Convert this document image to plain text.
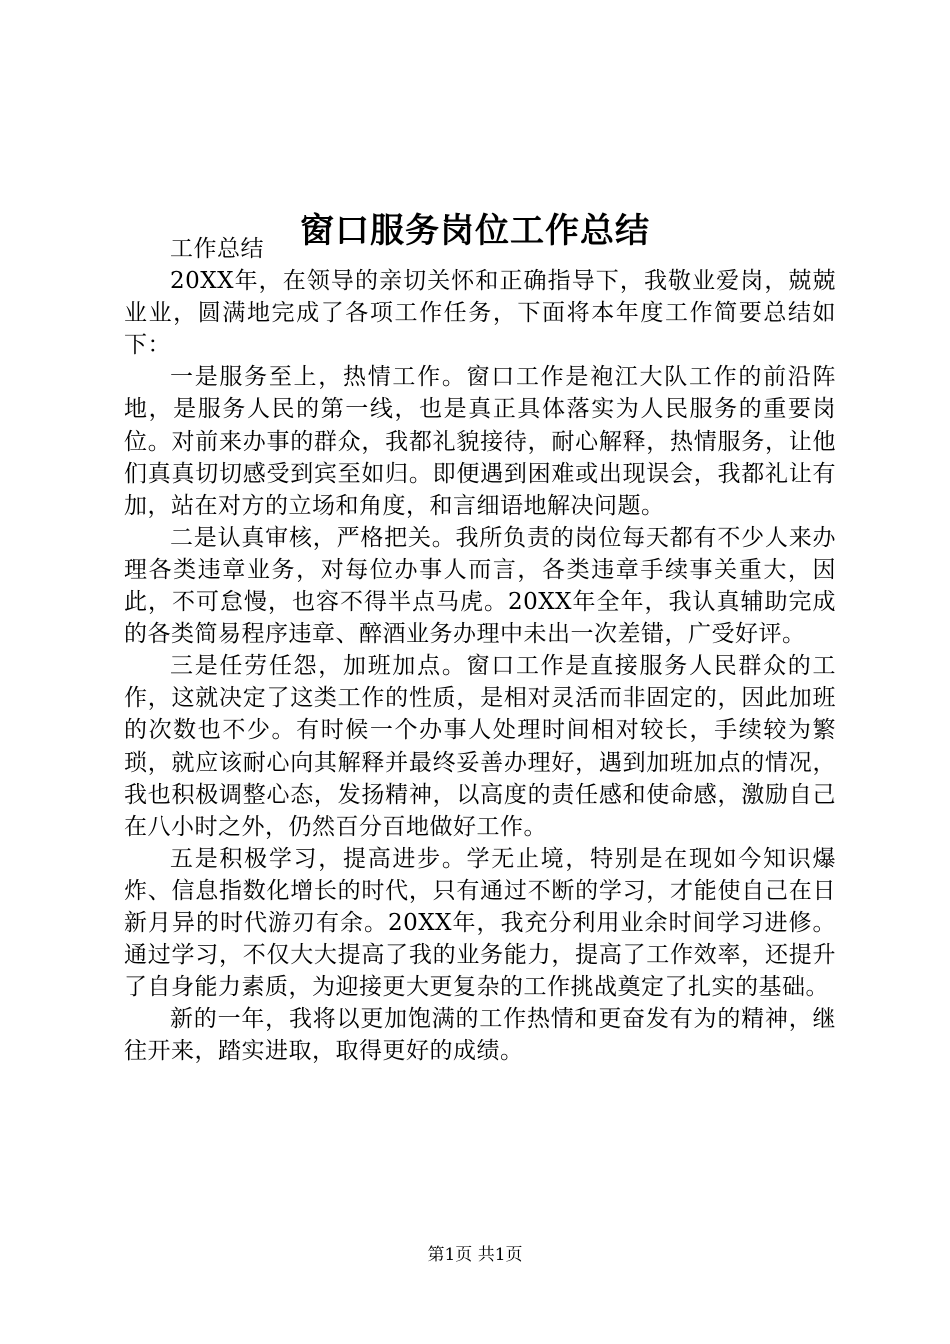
窗口服务岗位工作总结

工作总结

20XX年，在领导的亲切关怀和正确指导下，我敬业爱岗，兢兢业业，圆满地完成了各项工作任务，下面将本年度工作简要总结如下：

一是服务至上，热情工作。窗口工作是袍江大队工作的前沿阵地，是服务人民的第一线，也是真正具体落实为人民服务的重要岗位。对前来办事的群众，我都礼貌接待，耐心解释，热情服务，让他们真真切切感受到宾至如归。即便遇到困难或出现误会，我都礼让有加，站在对方的立场和角度，和言细语地解决问题。

二是认真审核，严格把关。我所负责的岗位每天都有不少人来办理各类违章业务，对每位办事人而言，各类违章手续事关重大，因此，不可怠慢，也容不得半点马虎。20XX年全年，我认真辅助完成的各类简易程序违章、醉酒业务办理中未出一次差错，广受好评。

三是任劳任怨，加班加点。窗口工作是直接服务人民群众的工作，这就决定了这类工作的性质，是相对灵活而非固定的，因此加班的次数也不少。有时候一个办事人处理时间相对较长，手续较为繁琐，就应该耐心向其解释并最终妥善办理好，遇到加班加点的情况，我也积极调整心态，发扬精神，以高度的责任感和使命感，激励自己在八小时之外，仍然百分百地做好工作。

五是积极学习，提高进步。学无止境，特别是在现如今知识爆炸、信息指数化增长的时代，只有通过不断的学习，才能使自己在日新月异的时代游刃有余。20XX年，我充分利用业余时间学习进修。通过学习，不仅大大提高了我的业务能力，提高了工作效率，还提升了自身能力素质，为迎接更大更复杂的工作挑战奠定了扎实的基础。

新的一年，我将以更加饱满的工作热情和更奋发有为的精神，继往开来，踏实进取，取得更好的成绩。

第1页 共1页
